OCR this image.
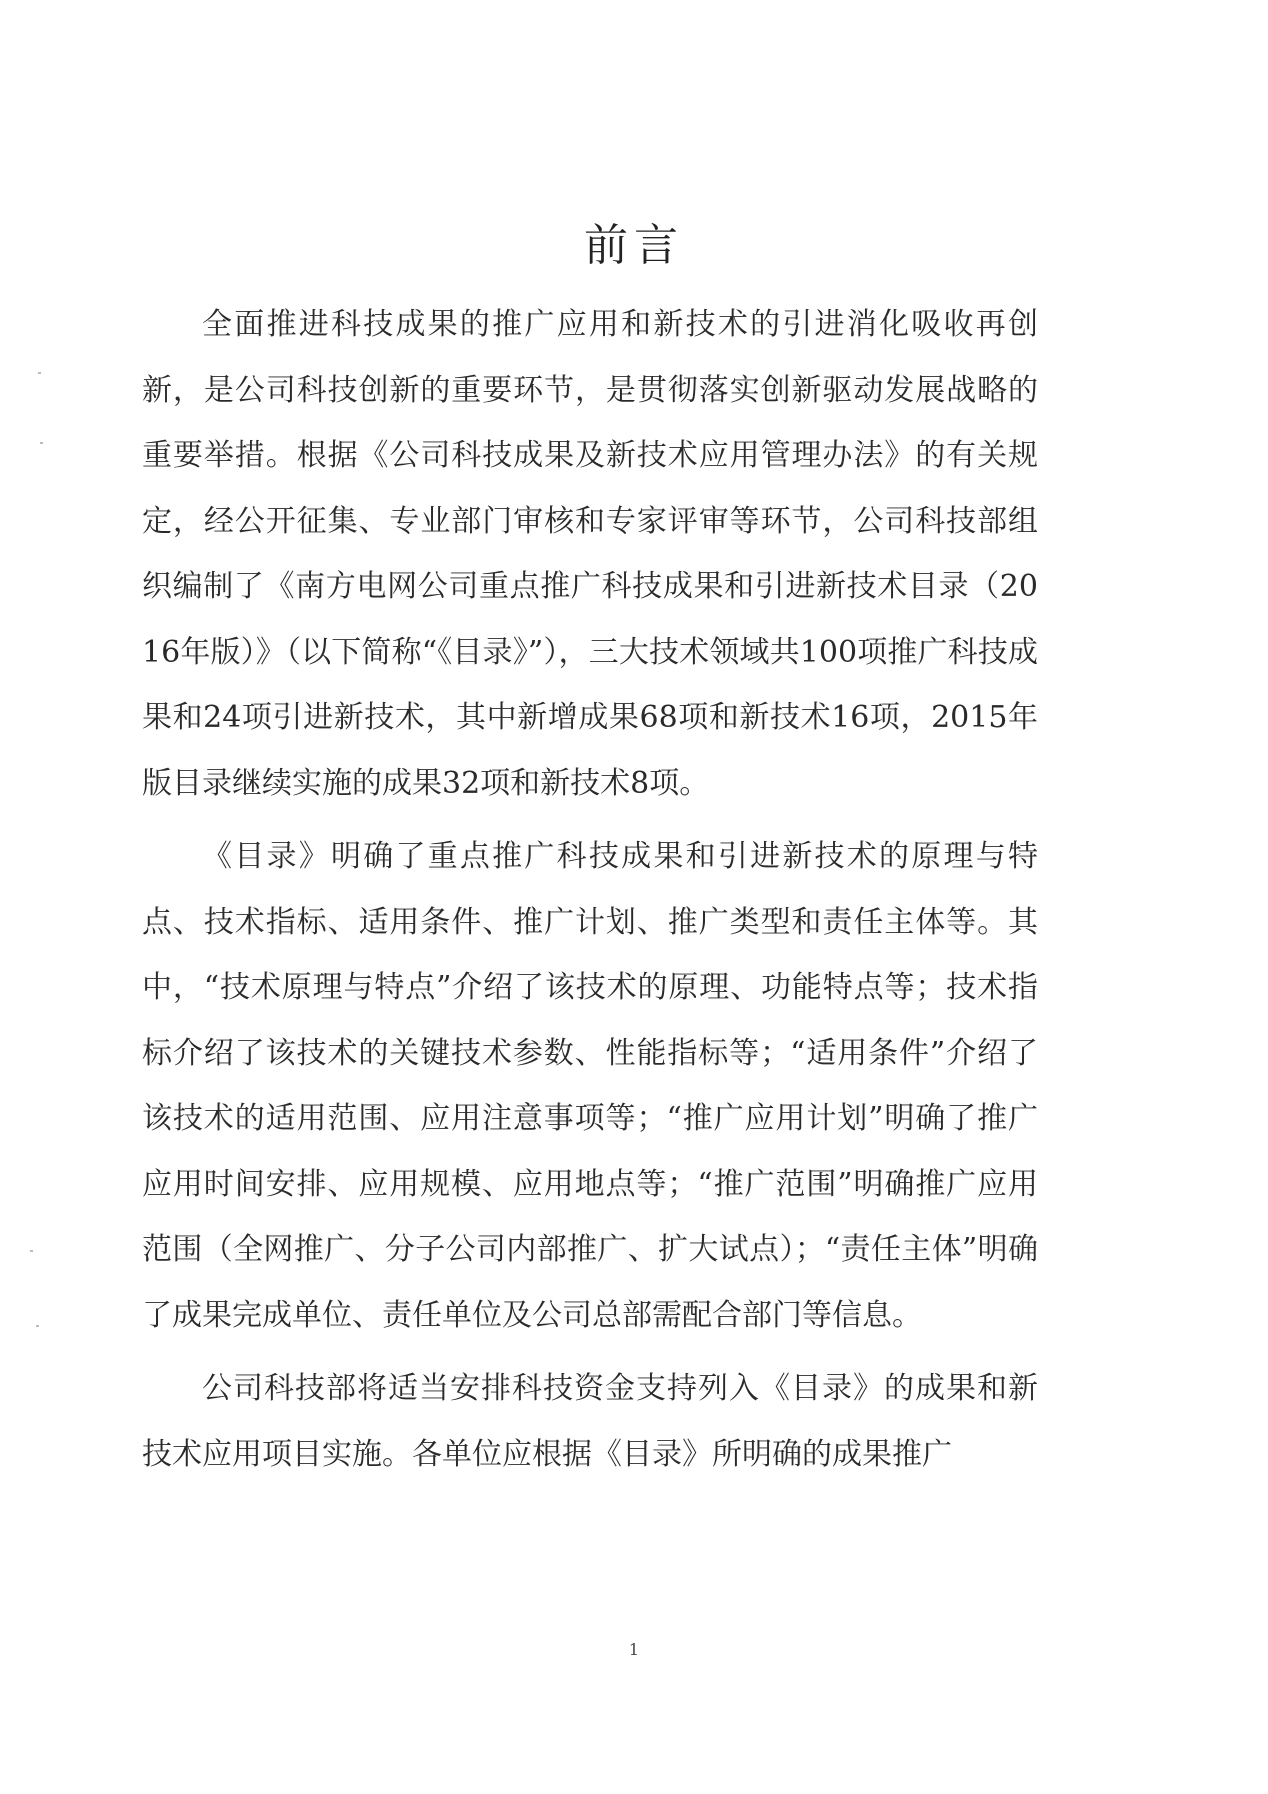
前言

全面推进科技成果的推广应用和新技术的引进消化吸收再创新，是公司科技创新的重要环节，是贯彻落实创新驱动发展战略的重要举措。根据《公司科技成果及新技术应用管理办法》的有关规定，经公开征集、专业部门审核和专家评审等环节，公司科技部组织编制了《南方电网公司重点推广科技成果和引进新技术目录（2016年版）》（以下简称“《目录》”），三大技术领域共100项推广科技成果和24项引进新技术，其中新增成果68项和新技术16项，2015年版目录继续实施的成果32项和新技术8项。

《目录》明确了重点推广科技成果和引进新技术的原理与特点、技术指标、适用条件、推广计划、推广类型和责任主体等。其中，“技术原理与特点”介绍了该技术的原理、功能特点等；技术指标介绍了该技术的关键技术参数、性能指标等；“适用条件”介绍了该技术的适用范围、应用注意事项等；“推广应用计划”明确了推广应用时间安排、应用规模、应用地点等；“推广范围”明确推广应用范围（全网推广、分子公司内部推广、扩大试点）；“责任主体”明确了成果完成单位、责任单位及公司总部需配合部门等信息。

公司科技部将适当安排科技资金支持列入《目录》的成果和新技术应用项目实施。各单位应根据《目录》所明确的成果推广

1
